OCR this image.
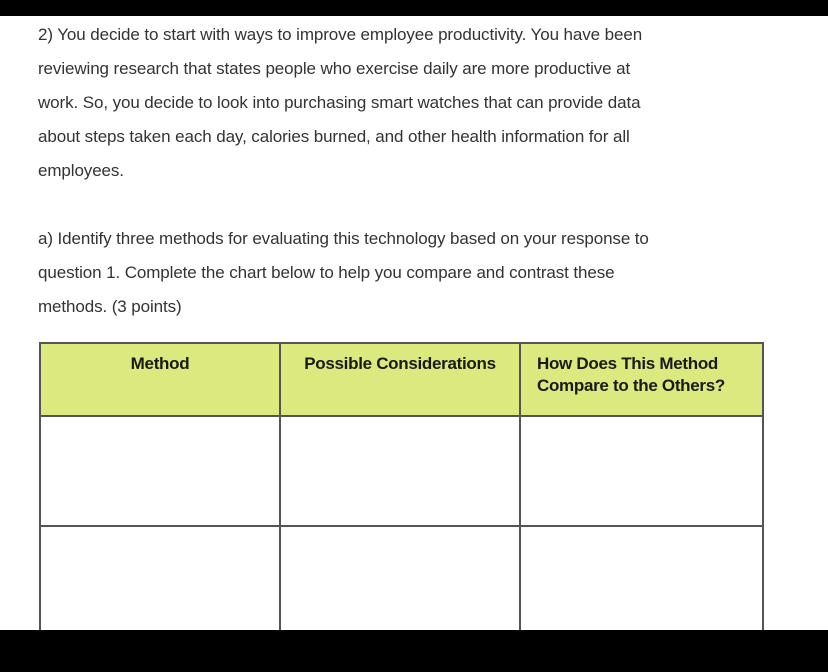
2) You decide to start with ways to improve employee productivity. You have been
reviewing research that states people who exercise daily are more productive at
work. So, you decide to look into purchasing smart watches that can provide data
about steps taken each day, calories burned, and other health information for all
employees.

a) Identify three methods for evaluating this technology based on your response to
question 1. Complete the chart below to help you compare and contrast these
methods. (3 points)

Method	Possible Considerations	How Does This Method Compare to the Others?
